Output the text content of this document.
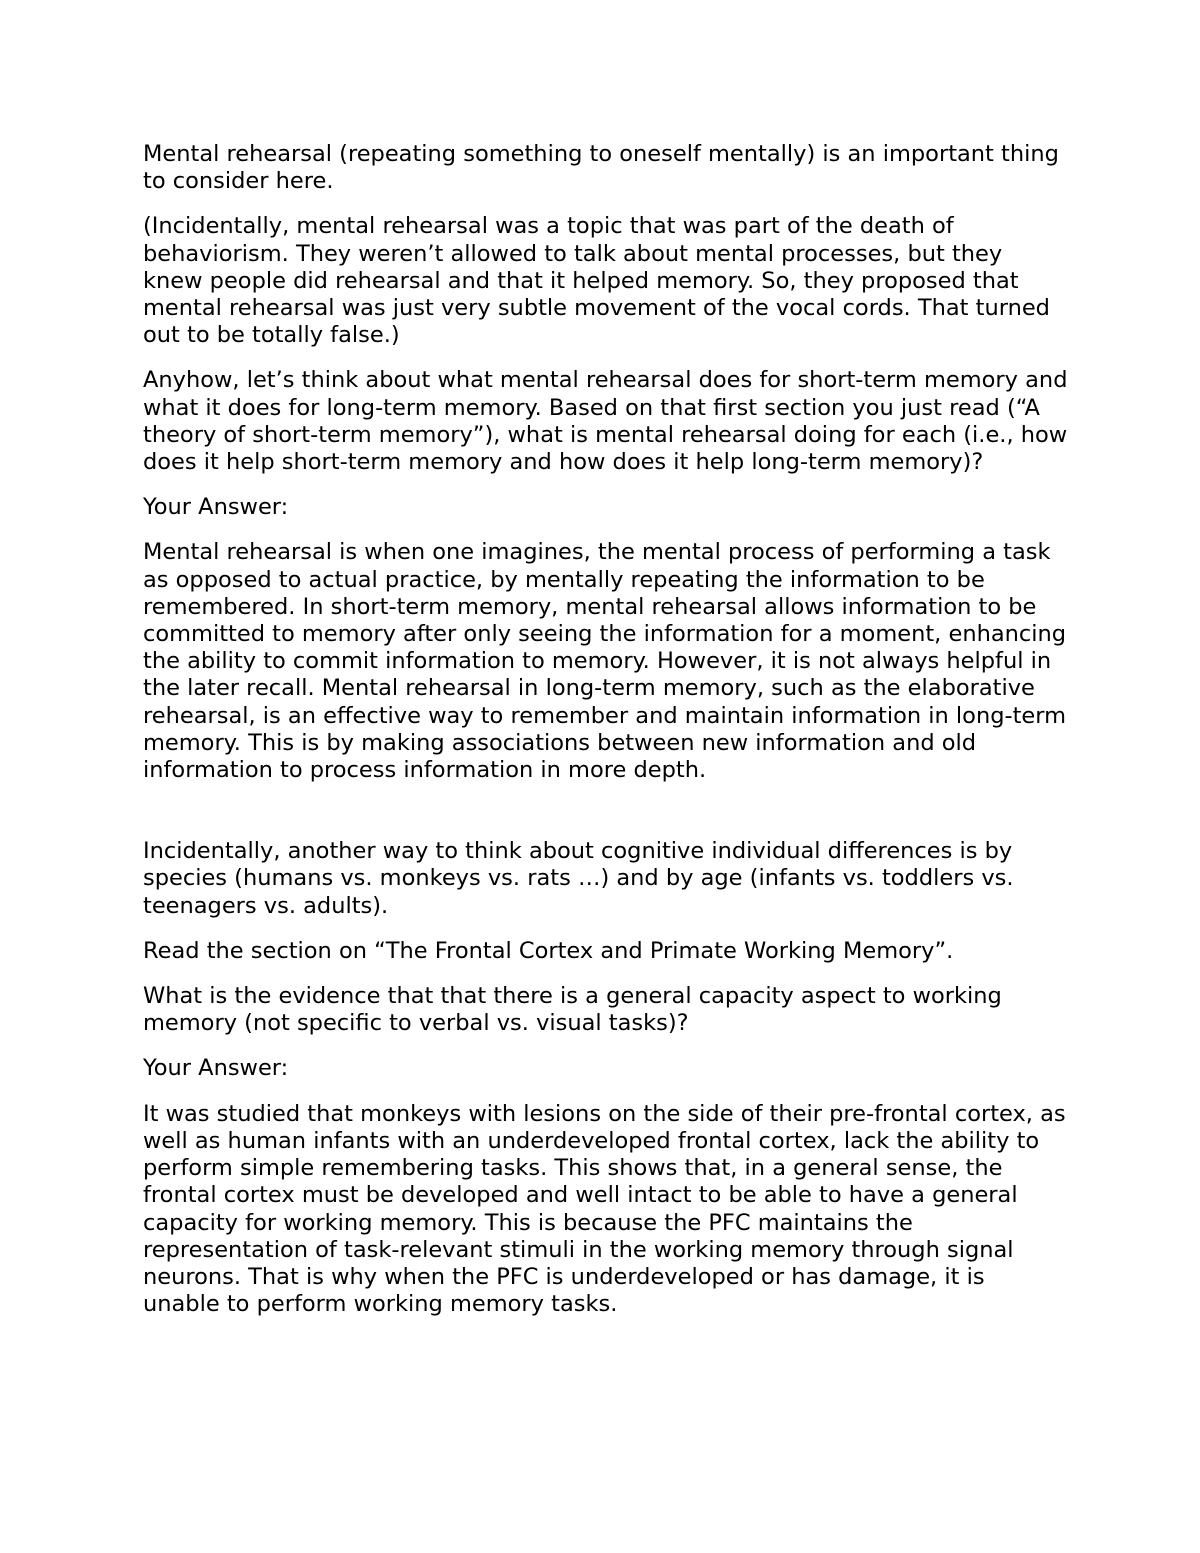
Mental rehearsal (repeating something to oneself mentally) is an important thing to consider here.

(Incidentally, mental rehearsal was a topic that was part of the death of behaviorism. They weren’t allowed to talk about mental processes, but they knew people did rehearsal and that it helped memory. So, they proposed that mental rehearsal was just very subtle movement of the vocal cords. That turned out to be totally false.)

Anyhow, let’s think about what mental rehearsal does for short-term memory and what it does for long-term memory. Based on that first section you just read (“A theory of short-term memory”), what is mental rehearsal doing for each (i.e., how does it help short-term memory and how does it help long-term memory)?

Your Answer:

Mental rehearsal is when one imagines, the mental process of performing a task as opposed to actual practice, by mentally repeating the information to be remembered. In short-term memory, mental rehearsal allows information to be committed to memory after only seeing the information for a moment, enhancing the ability to commit information to memory. However, it is not always helpful in the later recall. Mental rehearsal in long-term memory, such as the elaborative rehearsal, is an effective way to remember and maintain information in long-term memory. This is by making associations between new information and old information to process information in more depth.

Incidentally, another way to think about cognitive individual differences is by species (humans vs. monkeys vs. rats …) and by age (infants vs. toddlers vs. teenagers vs. adults).

Read the section on “The Frontal Cortex and Primate Working Memory”.

What is the evidence that that there is a general capacity aspect to working memory (not specific to verbal vs. visual tasks)?

Your Answer:

It was studied that monkeys with lesions on the side of their pre-frontal cortex, as well as human infants with an underdeveloped frontal cortex, lack the ability to perform simple remembering tasks. This shows that, in a general sense, the frontal cortex must be developed and well intact to be able to have a general capacity for working memory. This is because the PFC maintains the representation of task-relevant stimuli in the working memory through signal neurons. That is why when the PFC is underdeveloped or has damage, it is unable to perform working memory tasks.
